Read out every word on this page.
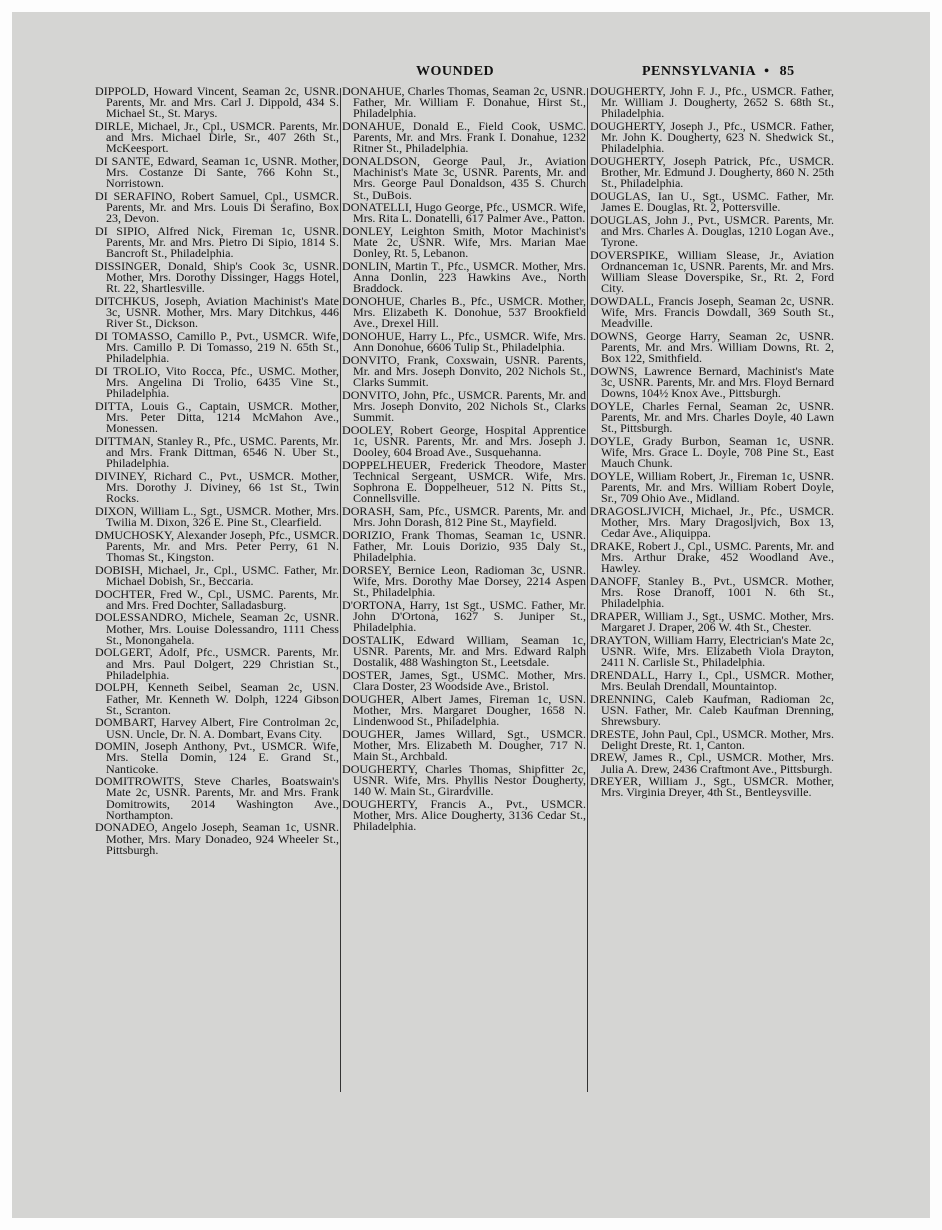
WOUNDED	PENNSYLVANIA • 85
DIPPOLD, Howard Vincent, Seaman 2c, USNR. Parents, Mr. and Mrs. Carl J. Dippold, 434 S. Michael St., St. Marys.
DIRLE, Michael, Jr., Cpl., USMCR. Parents, Mr. and Mrs. Michael Dirle, Sr., 407 26th St., McKeesport.
DI SANTE, Edward, Seaman 1c, USNR. Mother, Mrs. Costanze Di Sante, 766 Kohn St., Norristown.
DI SERAFINO, Robert Samuel, Cpl., USMCR. Parents, Mr. and Mrs. Louis Di Serafino, Box 23, Devon.
DI SIPIO, Alfred Nick, Fireman 1c, USNR. Parents, Mr. and Mrs. Pietro Di Sipio, 1814 S. Bancroft St., Philadelphia.
DISSINGER, Donald, Ship's Cook 3c, USNR. Mother, Mrs. Dorothy Dissinger, Haggs Hotel, Rt. 22, Shartlesville.
DITCHKUS, Joseph, Aviation Machinist's Mate 3c, USNR. Mother, Mrs. Mary Ditchkus, 446 River St., Dickson.
DI TOMASSO, Camillo P., Pvt., USMCR. Wife, Mrs. Camillo P. Di Tomasso, 219 N. 65th St., Philadelphia.
DI TROLIO, Vito Rocca, Pfc., USMC. Mother, Mrs. Angelina Di Trolio, 6435 Vine St., Philadelphia.
DITTA, Louis G., Captain, USMCR. Mother, Mrs. Peter Ditta, 1214 McMahon Ave., Monessen.
DITTMAN, Stanley R., Pfc., USMC. Parents, Mr. and Mrs. Frank Dittman, 6546 N. Uber St., Philadelphia.
DIVINEY, Richard C., Pvt., USMCR. Mother, Mrs. Dorothy J. Diviney, 66 1st St., Twin Rocks.
DIXON, William L., Sgt., USMCR. Mother, Mrs. Twilia M. Dixon, 326 E. Pine St., Clearfield.
DMUCHOSKY, Alexander Joseph, Pfc., USMCR. Parents, Mr. and Mrs. Peter Perry, 61 N. Thomas St., Kingston.
DOBISH, Michael, Jr., Cpl., USMC. Father, Mr. Michael Dobish, Sr., Beccaria.
DOCHTER, Fred W., Cpl., USMC. Parents, Mr. and Mrs. Fred Dochter, Salladasburg.
DOLESSANDRO, Michele, Seaman 2c, USNR. Mother, Mrs. Louise Dolessandro, 1111 Chess St., Monongahela.
DOLGERT, Adolf, Pfc., USMCR. Parents, Mr. and Mrs. Paul Dolgert, 229 Christian St., Philadelphia.
DOLPH, Kenneth Seibel, Seaman 2c, USN. Father, Mr. Kenneth W. Dolph, 1224 Gibson St., Scranton.
DOMBART, Harvey Albert, Fire Controlman 2c, USN. Uncle, Dr. N. A. Dombart, Evans City.
DOMIN, Joseph Anthony, Pvt., USMCR. Wife, Mrs. Stella Domin, 124 E. Grand St., Nanticoke.
DOMITROWITS, Steve Charles, Boatswain's Mate 2c, USNR. Parents, Mr. and Mrs. Frank Domitrowits, 2014 Washington Ave., Northampton.
DONADEO, Angelo Joseph, Seaman 1c, USNR. Mother, Mrs. Mary Donadeo, 924 Wheeler St., Pittsburgh.
DONAHUE, Charles Thomas, Seaman 2c, USNR. Father, Mr. William F. Donahue, Hirst St., Philadelphia.
DONAHUE, Donald E., Field Cook, USMC. Parents, Mr. and Mrs. Frank I. Donahue, 1232 Ritner St., Philadelphia.
DONALDSON, George Paul, Jr., Aviation Machinist's Mate 3c, USNR. Parents, Mr. and Mrs. George Paul Donaldson, 435 S. Church St., DuBois.
DONATELLI, Hugo George, Pfc., USMCR. Wife, Mrs. Rita L. Donatelli, 617 Palmer Ave., Patton.
DONLEY, Leighton Smith, Motor Machinist's Mate 2c, USNR. Wife, Mrs. Marian Mae Donley, Rt. 5, Lebanon.
DONLIN, Martin T., Pfc., USMCR. Mother, Mrs. Anna Donlin, 223 Hawkins Ave., North Braddock.
DONOHUE, Charles B., Pfc., USMCR. Mother, Mrs. Elizabeth K. Donohue, 537 Brookfield Ave., Drexel Hill.
DONOHUE, Harry L., Pfc., USMCR. Wife, Mrs. Ann Donohue, 6606 Tulip St., Philadelphia.
DONVITO, Frank, Coxswain, USNR. Parents, Mr. and Mrs. Joseph Donvito, 202 Nichols St., Clarks Summit.
DONVITO, John, Pfc., USMCR. Parents, Mr. and Mrs. Joseph Donvito, 202 Nichols St., Clarks Summit.
DOOLEY, Robert George, Hospital Apprentice 1c, USNR. Parents, Mr. and Mrs. Joseph J. Dooley, 604 Broad Ave., Susquehanna.
DOPPELHEUER, Frederick Theodore, Master Technical Sergeant, USMCR. Wife, Mrs. Sophrona E. Doppelheuer, 512 N. Pitts St., Connellsville.
DORASH, Sam, Pfc., USMCR. Parents, Mr. and Mrs. John Dorash, 812 Pine St., Mayfield.
DORIZIO, Frank Thomas, Seaman 1c, USNR. Father, Mr. Louis Dorizio, 935 Daly St., Philadelphia.
DORSEY, Bernice Leon, Radioman 3c, USNR. Wife, Mrs. Dorothy Mae Dorsey, 2214 Aspen St., Philadelphia.
D'ORTONA, Harry, 1st Sgt., USMC. Father, Mr. John D'Ortona, 1627 S. Juniper St., Philadelphia.
DOSTALIK, Edward William, Seaman 1c, USNR. Parents, Mr. and Mrs. Edward Ralph Dostalik, 488 Washington St., Leetsdale.
DOSTER, James, Sgt., USMC. Mother, Mrs. Clara Doster, 23 Woodside Ave., Bristol.
DOUGHER, Albert James, Fireman 1c, USN. Mother, Mrs. Margaret Dougher, 1658 N. Lindenwood St., Philadelphia.
DOUGHER, James Willard, Sgt., USMCR. Mother, Mrs. Elizabeth M. Dougher, 717 N. Main St., Archbald.
DOUGHERTY, Charles Thomas, Shipfitter 2c, USNR. Wife, Mrs. Phyllis Nestor Dougherty, 140 W. Main St., Girardville.
DOUGHERTY, Francis A., Pvt., USMCR. Mother, Mrs. Alice Dougherty, 3136 Cedar St., Philadelphia.
DOUGHERTY, John F. J., Pfc., USMCR. Father, Mr. William J. Dougherty, 2652 S. 68th St., Philadelphia.
DOUGHERTY, Joseph J., Pfc., USMCR. Father, Mr. John K. Dougherty, 623 N. Shedwick St., Philadelphia.
DOUGHERTY, Joseph Patrick, Pfc., USMCR. Brother, Mr. Edmund J. Dougherty, 860 N. 25th St., Philadelphia.
DOUGLAS, Ian U., Sgt., USMC. Father, Mr. James E. Douglas, Rt. 2, Pottersville.
DOUGLAS, John J., Pvt., USMCR. Parents, Mr. and Mrs. Charles A. Douglas, 1210 Logan Ave., Tyrone.
DOVERSPIKE, William Slease, Jr., Aviation Ordnanceman 1c, USNR. Parents, Mr. and Mrs. William Slease Doverspike, Sr., Rt. 2, Ford City.
DOWDALL, Francis Joseph, Seaman 2c, USNR. Wife, Mrs. Francis Dowdall, 369 South St., Meadville.
DOWNS, George Harry, Seaman 2c, USNR. Parents, Mr. and Mrs. William Downs, Rt. 2, Box 122, Smithfield.
DOWNS, Lawrence Bernard, Machinist's Mate 3c, USNR. Parents, Mr. and Mrs. Floyd Bernard Downs, 104½ Knox Ave., Pittsburgh.
DOYLE, Charles Fernal, Seaman 2c, USNR. Parents, Mr. and Mrs. Charles Doyle, 40 Lawn St., Pittsburgh.
DOYLE, Grady Burbon, Seaman 1c, USNR. Wife, Mrs. Grace L. Doyle, 708 Pine St., East Mauch Chunk.
DOYLE, William Robert, Jr., Fireman 1c, USNR. Parents, Mr. and Mrs. William Robert Doyle, Sr., 709 Ohio Ave., Midland.
DRAGOSLJVICH, Michael, Jr., Pfc., USMCR. Mother, Mrs. Mary Dragosljvich, Box 13, Cedar Ave., Aliquippa.
DRAKE, Robert J., Cpl., USMC. Parents, Mr. and Mrs. Arthur Drake, 452 Woodland Ave., Hawley.
DANOFF, Stanley B., Pvt., USMCR. Mother, Mrs. Rose Dranoff, 1001 N. 6th St., Philadelphia.
DRAPER, William J., Sgt., USMC. Mother, Mrs. Margaret J. Draper, 206 W. 4th St., Chester.
DRAYTON, William Harry, Electrician's Mate 2c, USNR. Wife, Mrs. Elizabeth Viola Drayton, 2411 N. Carlisle St., Philadelphia.
DRENDALL, Harry I., Cpl., USMCR. Mother, Mrs. Beulah Drendall, Mountaintop.
DRENNING, Caleb Kaufman, Radioman 2c, USN. Father, Mr. Caleb Kaufman Drenning, Shrewsbury.
DRESTE, John Paul, Cpl., USMCR. Mother, Mrs. Delight Dreste, Rt. 1, Canton.
DREW, James R., Cpl., USMCR. Mother, Mrs. Julia A. Drew, 2436 Craftmont Ave., Pittsburgh.
DREYER, William J., Sgt., USMCR. Mother, Mrs. Virginia Dreyer, 4th St., Bentleysville.
